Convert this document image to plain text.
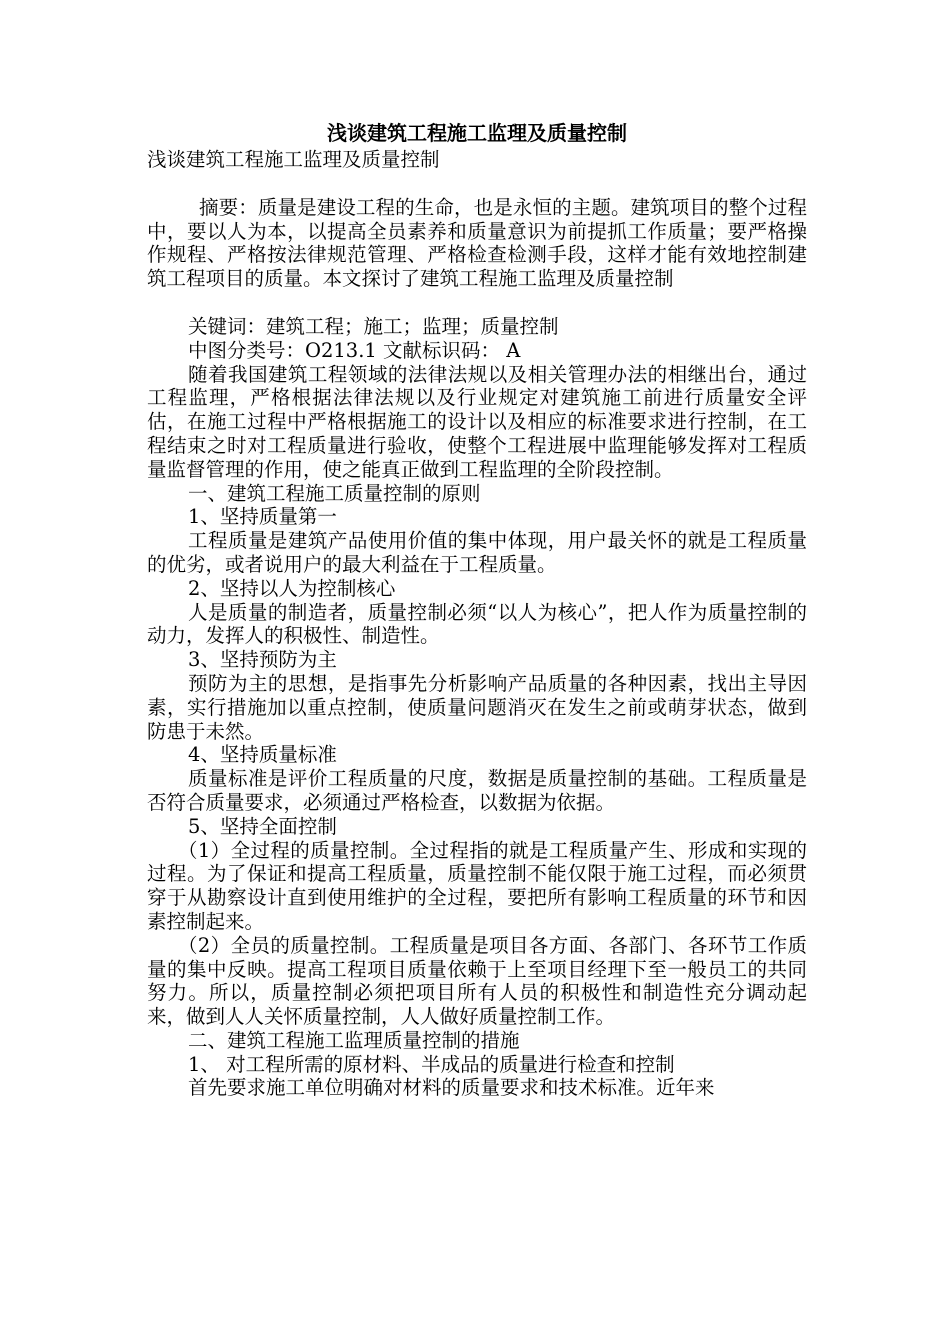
浅谈建筑工程施工监理及质量控制

浅谈建筑工程施工监理及质量控制

摘要：质量是建设工程的生命，也是永恒的主题。建筑项目的整个过程中，要以人为本，以提高全员素养和质量意识为前提抓工作质量；要严格操作规程、严格按法律规范管理、严格检查检测手段，这样才能有效地控制建筑工程项目的质量。本文探讨了建筑工程施工监理及质量控制

关键词：建筑工程；施工；监理；质量控制

中图分类号：O213.1 文献标识码： A

随着我国建筑工程领域的法律法规以及相关管理办法的相继出台，通过工程监理，严格根据法律法规以及行业规定对建筑施工前进行质量安全评估，在施工过程中严格根据施工的设计以及相应的标准要求进行控制，在工程结束之时对工程质量进行验收，使整个工程进展中监理能够发挥对工程质量监督管理的作用，使之能真正做到工程监理的全阶段控制。

一、建筑工程施工质量控制的原则

1、坚持质量第一

工程质量是建筑产品使用价值的集中体现，用户最关怀的就是工程质量的优劣，或者说用户的最大利益在于工程质量。

2、坚持以人为控制核心

人是质量的制造者，质量控制必须“以人为核心”，把人作为质量控制的动力，发挥人的积极性、制造性。

3、坚持预防为主

预防为主的思想，是指事先分析影响产品质量的各种因素，找出主导因素，实行措施加以重点控制，使质量问题消灭在发生之前或萌芽状态，做到防患于未然。

4、坚持质量标准

质量标准是评价工程质量的尺度，数据是质量控制的基础。工程质量是否符合质量要求，必须通过严格检查，以数据为依据。

5、坚持全面控制

（1）全过程的质量控制。全过程指的就是工程质量产生、形成和实现的过程。为了保证和提高工程质量，质量控制不能仅限于施工过程，而必须贯穿于从勘察设计直到使用维护的全过程，要把所有影响工程质量的环节和因素控制起来。

（2）全员的质量控制。工程质量是项目各方面、各部门、各环节工作质量的集中反映。提高工程项目质量依赖于上至项目经理下至一般员工的共同努力。所以，质量控制必须把项目所有人员的积极性和制造性充分调动起来，做到人人关怀质量控制，人人做好质量控制工作。

二、建筑工程施工监理质量控制的措施

1、 对工程所需的原材料、半成品的质量进行检查和控制

首先要求施工单位明确对材料的质量要求和技术标准。近年来
